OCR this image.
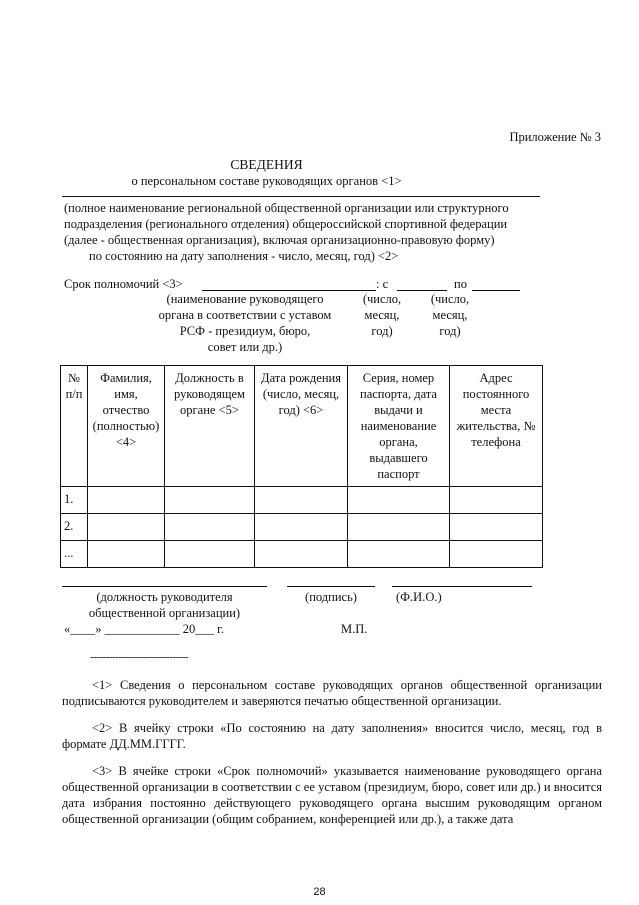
Приложение № 3
СВЕДЕНИЯ
о персональном составе руководящих органов <1>
(полное наименование региональной общественной организации или структурного
подразделения (регионального отделения) общероссийской спортивной федерации
(далее - общественная организация), включая организационно-правовую форму)
по состоянию на дату заполнения - число, месяц, год) <2>
Срок полномочий <3>	: с	по
(наименование руководящего
органа в соответствии с уставом
РСФ - президиум, бюро,
совет или др.)
(число,
месяц,
год)
(число,
месяц,
год)
№ п/п	Фамилия, имя, отчество (полностью) <4>	Должность в руководящем органе <5>	Дата рождения (число, месяц, год) <6>	Серия, номер паспорта, дата выдачи и наименование органа, выдавшего паспорт	Адрес постоянного места жительства, № телефона
1.					
2.					
...					
(должность руководителя
общественной организации)
(подпись)	(Ф.И.О.)
«____» ____________ 20___ г.	М.П.
-------------------------------
<1> Сведения о персональном составе руководящих органов общественной организации подписываются руководителем и заверяются печатью общественной организации.
<2> В ячейку строки «По состоянию на дату заполнения» вносится число, месяц, год в формате ДД.ММ.ГГГГ.
<3> В ячейке строки «Срок полномочий» указывается наименование руководящего органа общественной организации в соответствии с ее уставом (президиум, бюро, совет или др.) и вносится дата избрания постоянно действующего руководящего органа высшим руководящим органом общественной организации (общим собранием, конференцией или др.), а также дата
28
